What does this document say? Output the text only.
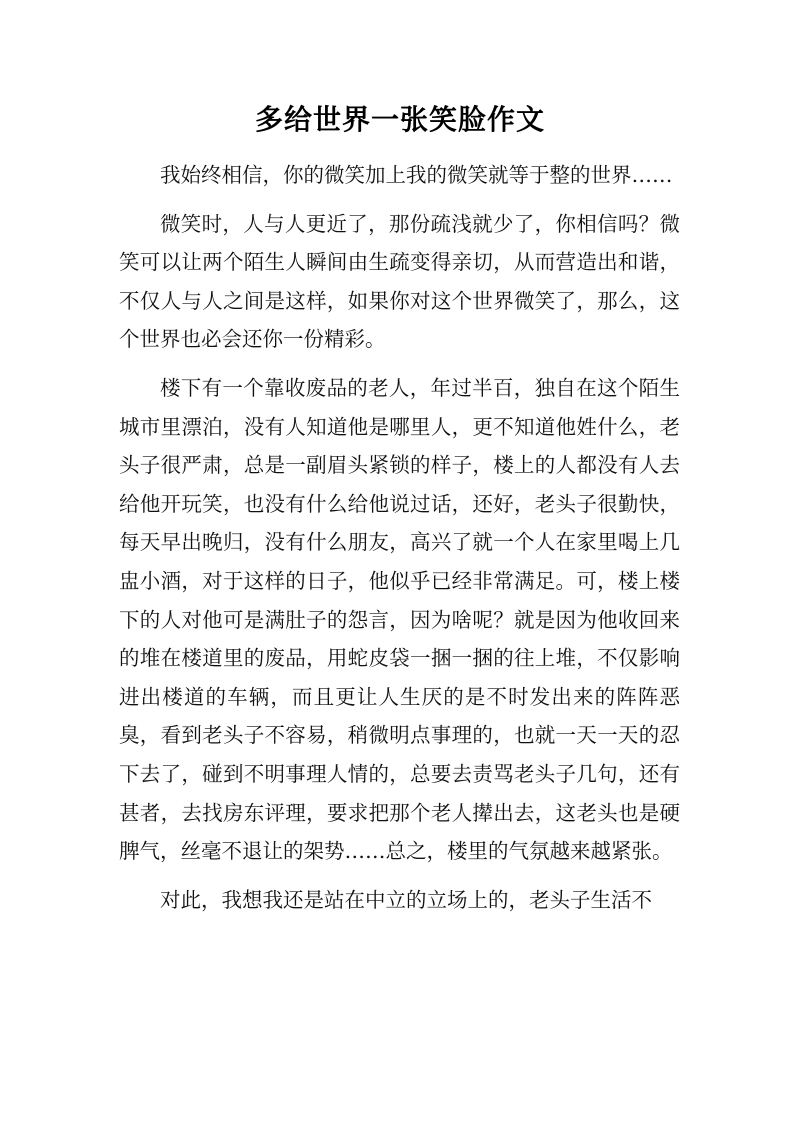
多给世界一张笑脸作文

我始终相信，你的微笑加上我的微笑就等于整的世界……

微笑时，人与人更近了，那份疏浅就少了，你相信吗？微笑可以让两个陌生人瞬间由生疏变得亲切，从而营造出和谐，不仅人与人之间是这样，如果你对这个世界微笑了，那么，这个世界也必会还你一份精彩。

楼下有一个靠收废品的老人，年过半百，独自在这个陌生城市里漂泊，没有人知道他是哪里人，更不知道他姓什么，老头子很严肃，总是一副眉头紧锁的样子，楼上的人都没有人去给他开玩笑，也没有什么给他说过话，还好，老头子很勤快，每天早出晚归，没有什么朋友，高兴了就一个人在家里喝上几盅小酒，对于这样的日子，他似乎已经非常满足。可，楼上楼下的人对他可是满肚子的怨言，因为啥呢？就是因为他收回来的堆在楼道里的废品，用蛇皮袋一捆一捆的往上堆，不仅影响进出楼道的车辆，而且更让人生厌的是不时发出来的阵阵恶臭，看到老头子不容易，稍微明点事理的，也就一天一天的忍下去了，碰到不明事理人情的，总要去责骂老头子几句，还有甚者，去找房东评理，要求把那个老人撵出去，这老头也是硬脾气，丝毫不退让的架势……总之，楼里的气氛越来越紧张。

对此，我想我还是站在中立的立场上的，老头子生活不
